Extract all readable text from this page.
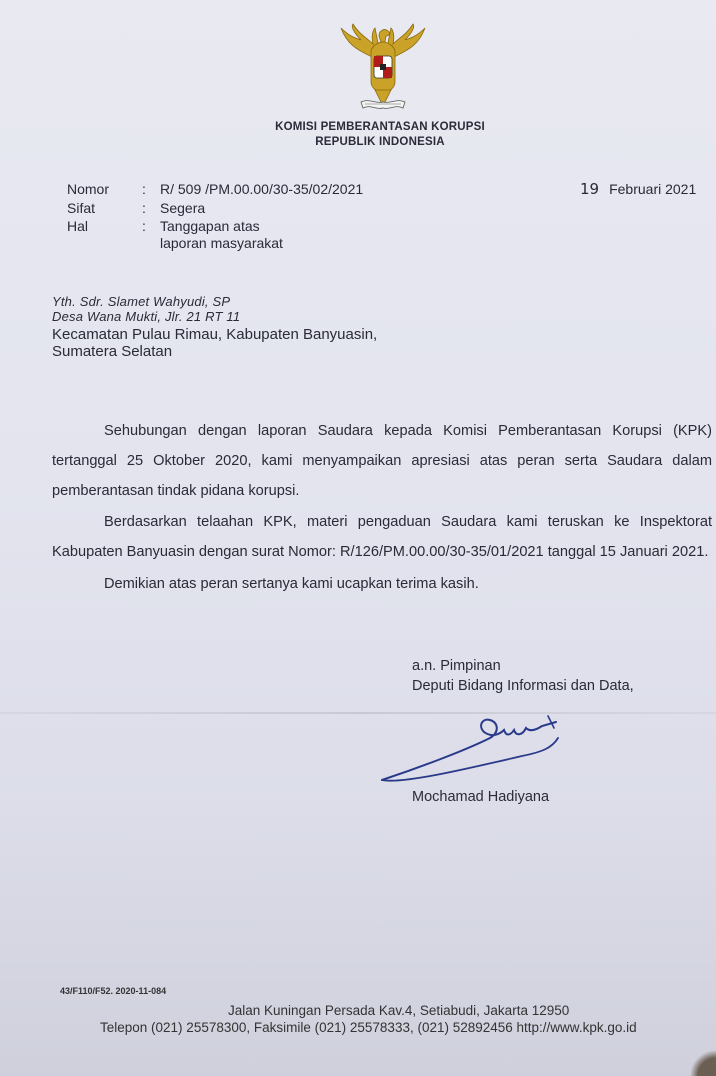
KOMISI PEMBERANTASAN KORUPSI
REPUBLIK INDONESIA
Nomor : R/ 509 /PM.00.00/30-35/02/2021
Sifat	: Segera
Hal	: Tanggapan atas
laporan masyarakat
19 Februari 2021
Yth. Sdr. Slamet Wahyudi, SP
Desa Wana Mukti, Jlr. 21 RT 11
Kecamatan Pulau Rimau, Kabupaten Banyuasin,
Sumatera Selatan
Sehubungan dengan laporan Saudara kepada Komisi Pemberantasan Korupsi (KPK) tertanggal 25 Oktober 2020, kami menyampaikan apresiasi atas peran serta Saudara dalam pemberantasan tindak pidana korupsi.
Berdasarkan telaahan KPK, materi pengaduan Saudara kami teruskan ke Inspektorat Kabupaten Banyuasin dengan surat Nomor: R/126/PM.00.00/30-35/01/2021 tanggal 15 Januari 2021.
Demikian atas peran sertanya kami ucapkan terima kasih.
a.n. Pimpinan
Deputi Bidang Informasi dan Data,
Mochamad Hadiyana
43/F110/F52. 2020-11-084
Jalan Kuningan Persada Kav.4, Setiabudi, Jakarta 12950
Telepon (021) 25578300, Faksimile (021) 25578333, (021) 52892456 http://www.kpk.go.id
